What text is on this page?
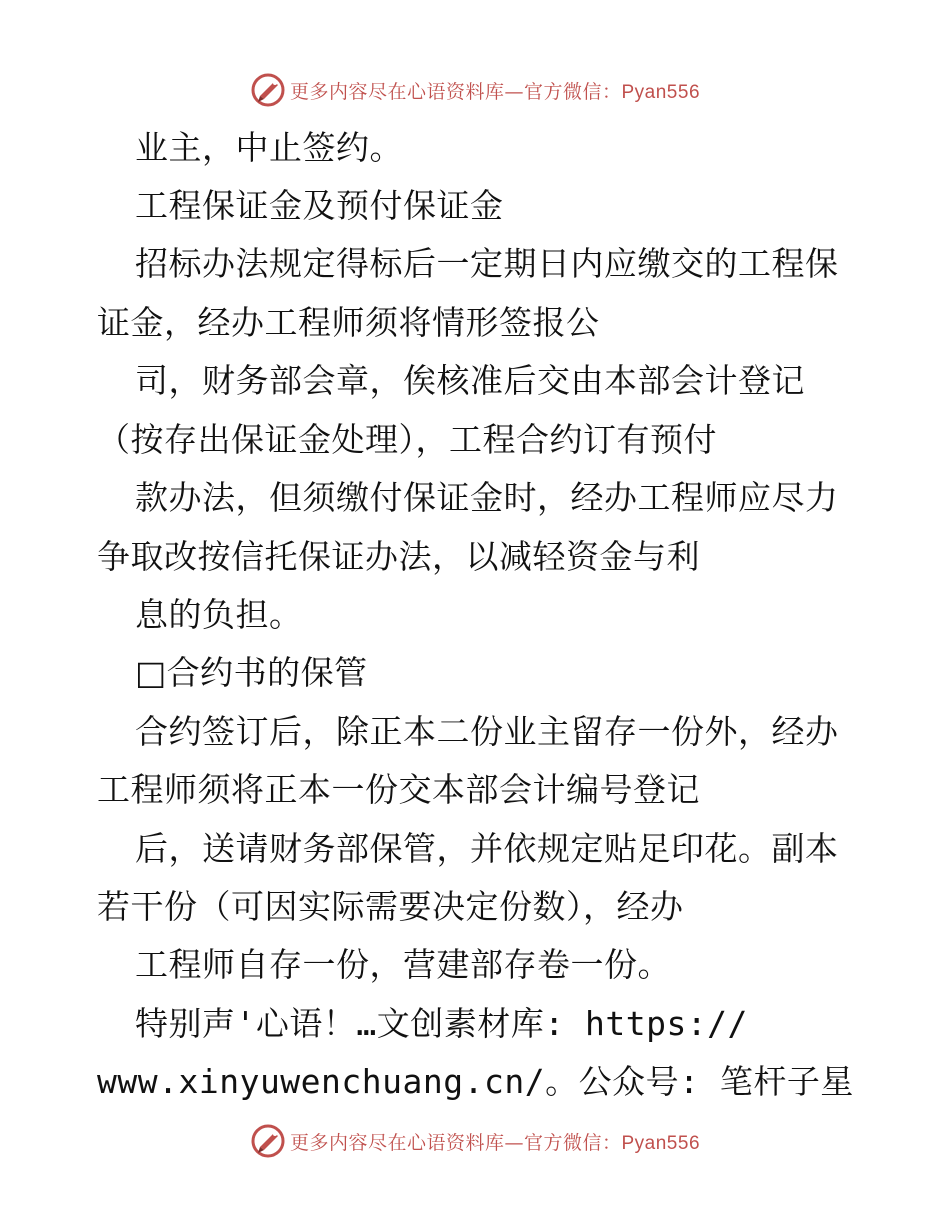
更多内容尽在心语资料库—官方微信：Pyan556
业主，中止签约。
工程保证金及预付保证金
招标办法规定得标后一定期日内应缴交的工程保
证金，经办工程师须将情形签报公
司，财务部会章，俟核准后交由本部会计登记
（按存出保证金处理），工程合约订有预付
款办法，但须缴付保证金时，经办工程师应尽力
争取改按信托保证办法，以减轻资金与利
息的负担。
□合约书的保管
合约签订后，除正本二份业主留存一份外，经办
工程师须将正本一份交本部会计编号登记
后，送请财务部保管，并依规定贴足印花。副本
若干份（可因实际需要决定份数），经办
工程师自存一份，营建部存卷一份。
特别声'心语！…文创素材库: https://
www.xinyuwenchuang.cn/。公众号: 笔杆子星
更多内容尽在心语资料库—官方微信：Pyan556
